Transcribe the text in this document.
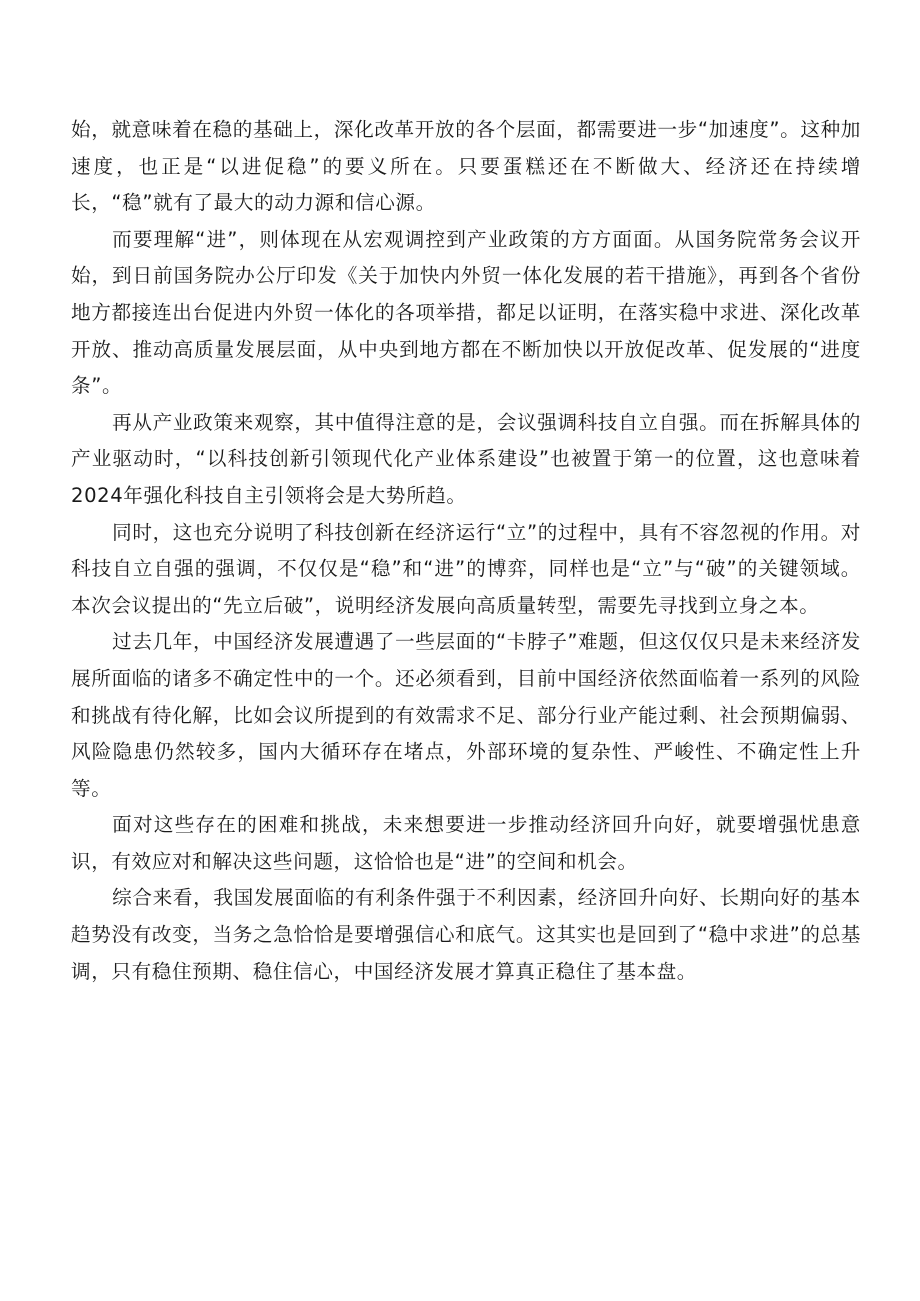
始，就意味着在稳的基础上，深化改革开放的各个层面，都需要进一步“加速度”。这种加速度，也正是“以进促稳”的要义所在。只要蛋糕还在不断做大、经济还在持续增长，“稳”就有了最大的动力源和信心源。

而要理解“进”，则体现在从宏观调控到产业政策的方方面面。从国务院常务会议开始，到日前国务院办公厅印发《关于加快内外贸一体化发展的若干措施》，再到各个省份地方都接连出台促进内外贸一体化的各项举措，都足以证明，在落实稳中求进、深化改革开放、推动高质量发展层面，从中央到地方都在不断加快以开放促改革、促发展的“进度条”。

再从产业政策来观察，其中值得注意的是，会议强调科技自立自强。而在拆解具体的产业驱动时，“以科技创新引领现代化产业体系建设”也被置于第一的位置，这也意味着2024年强化科技自主引领将会是大势所趋。

同时，这也充分说明了科技创新在经济运行“立”的过程中，具有不容忽视的作用。对科技自立自强的强调，不仅仅是“稳”和“进”的博弈，同样也是“立”与“破”的关键领域。本次会议提出的“先立后破”，说明经济发展向高质量转型，需要先寻找到立身之本。

过去几年，中国经济发展遭遇了一些层面的“卡脖子”难题，但这仅仅只是未来经济发展所面临的诸多不确定性中的一个。还必须看到，目前中国经济依然面临着一系列的风险和挑战有待化解，比如会议所提到的有效需求不足、部分行业产能过剩、社会预期偏弱、风险隐患仍然较多，国内大循环存在堵点，外部环境的复杂性、严峻性、不确定性上升等。

面对这些存在的困难和挑战，未来想要进一步推动经济回升向好，就要增强忧患意识，有效应对和解决这些问题，这恰恰也是“进”的空间和机会。

综合来看，我国发展面临的有利条件强于不利因素，经济回升向好、长期向好的基本趋势没有改变，当务之急恰恰是要增强信心和底气。这其实也是回到了“稳中求进”的总基调，只有稳住预期、稳住信心，中国经济发展才算真正稳住了基本盘。
